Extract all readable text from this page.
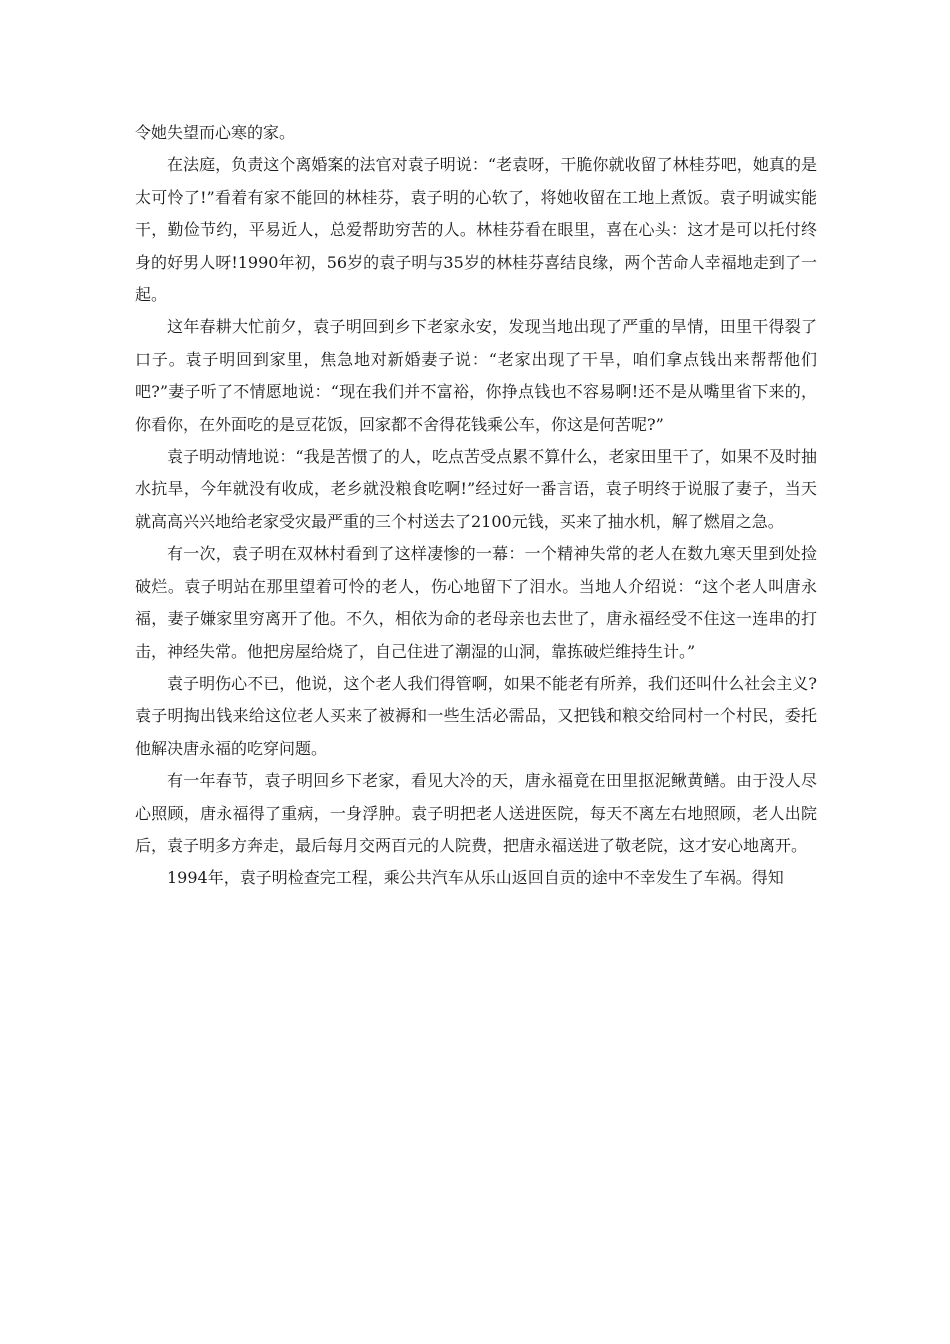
令她失望而心寒的家。

在法庭，负责这个离婚案的法官对袁子明说：“老袁呀，干脆你就收留了林桂芬吧，她真的是太可怜了!”看着有家不能回的林桂芬，袁子明的心软了，将她收留在工地上煮饭。袁子明诚实能干，勤俭节约，平易近人，总爱帮助穷苦的人。林桂芬看在眼里，喜在心头：这才是可以托付终身的好男人呀!1990年初，56岁的袁子明与35岁的林桂芬喜结良缘，两个苦命人幸福地走到了一起。

这年春耕大忙前夕，袁子明回到乡下老家永安，发现当地出现了严重的旱情，田里干得裂了口子。袁子明回到家里，焦急地对新婚妻子说：“老家出现了干旱，咱们拿点钱出来帮帮他们吧?”妻子听了不情愿地说：“现在我们并不富裕，你挣点钱也不容易啊!还不是从嘴里省下来的，你看你，在外面吃的是豆花饭，回家都不舍得花钱乘公车，你这是何苦呢?”

袁子明动情地说：“我是苦惯了的人，吃点苦受点累不算什么，老家田里干了，如果不及时抽水抗旱，今年就没有收成，老乡就没粮食吃啊!”经过好一番言语，袁子明终于说服了妻子，当天就高高兴兴地给老家受灾最严重的三个村送去了2100元钱，买来了抽水机，解了燃眉之急。

有一次，袁子明在双林村看到了这样凄惨的一幕：一个精神失常的老人在数九寒天里到处捡破烂。袁子明站在那里望着可怜的老人，伤心地留下了泪水。当地人介绍说：“这个老人叫唐永福，妻子嫌家里穷离开了他。不久，相依为命的老母亲也去世了，唐永福经受不住这一连串的打击，神经失常。他把房屋给烧了，自己住进了潮湿的山洞，靠拣破烂维持生计。”

袁子明伤心不已，他说，这个老人我们得管啊，如果不能老有所养，我们还叫什么社会主义?袁子明掏出钱来给这位老人买来了被褥和一些生活必需品，又把钱和粮交给同村一个村民，委托他解决唐永福的吃穿问题。

有一年春节，袁子明回乡下老家，看见大冷的天，唐永福竟在田里抠泥鳅黄鳝。由于没人尽心照顾，唐永福得了重病，一身浮肿。袁子明把老人送进医院，每天不离左右地照顾，老人出院后，袁子明多方奔走，最后每月交两百元的人院费，把唐永福送进了敬老院，这才安心地离开。

1994年，袁子明检查完工程，乘公共汽车从乐山返回自贡的途中不幸发生了车祸。得知
